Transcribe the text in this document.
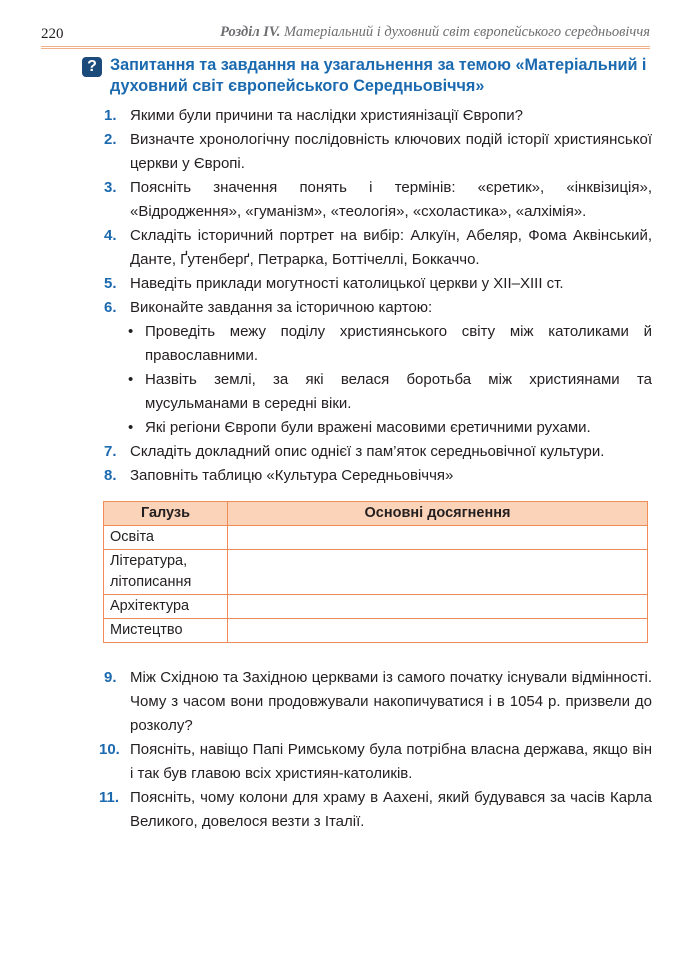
220	Розділ IV. Матеріальний і духовний світ європейського середньовіччя
? Запитання та завдання на узагальнення за темою «Матеріальний і духовний світ європейського Середньовіччя»
1. Якими були причини та наслідки християнізації Європи?
2. Визначте хронологічну послідовність ключових подій історії християнської церкви у Європі.
3. Поясніть значення понять і термінів: «єретик», «інквізиція», «Відродження», «гуманізм», «теологія», «схоластика», «алхімія».
4. Складіть історичний портрет на вибір: Алкуїн, Абеляр, Фома Аквінський, Данте, Ґутенберґ, Петрарка, Боттічеллі, Боккаччо.
5. Наведіть приклади могутності католицької церкви у XII–XIII ст.
6. Виконайте завдання за історичною картою:
• Проведіть межу поділу християнського світу між католиками й православними.
• Назвіть землі, за які велася боротьба між християнами та мусульманами в середні віки.
• Які регіони Європи були вражені масовими єретичними рухами.
7. Складіть докладний опис однієї з пам’яток середньовічної культури.
8. Заповніть таблицю «Культура Середньовіччя»
Галузь	Основні досягнення
Освіта	
Література, літописання	
Архітектура	
Мистецтво	
9. Між Східною та Західною церквами із самого початку існували відмінності. Чому з часом вони продовжували накопичуватися і в 1054 р. призвели до розколу?
10. Поясніть, навіщо Папі Римському була потрібна власна держава, якщо він і так був главою всіх християн-католиків.
11. Поясніть, чому колони для храму в Аахені, який будувався за часів Карла Великого, довелося везти з Італії.
